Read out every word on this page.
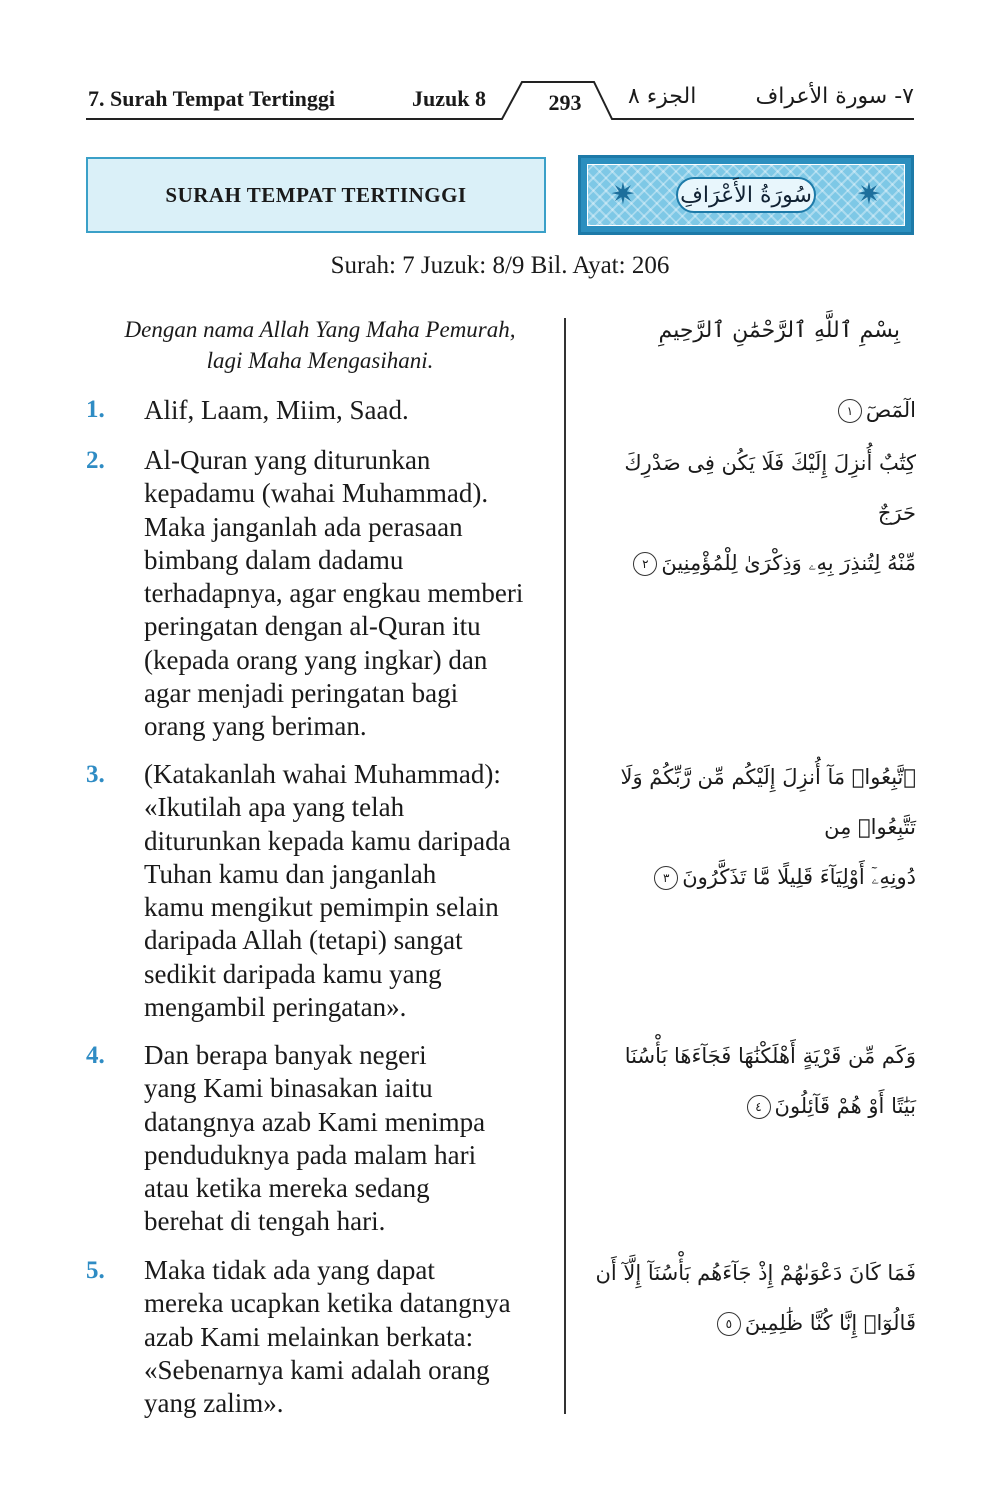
7. Surah Tempat Tertinggi	Juzuk 8	293	الجزء ٨	٧- سورة الأعراف
SURAH TEMPAT TERTINGGI	✷	✷
سُورَةُ الأَعْرَافِ
Surah: 7 Juzuk: 8/9 Bil. Ayat: 206
Dengan nama Allah Yang Maha Pemurah,
lagi Maha Mengasihani.
بِسْمِ ٱللَّهِ ٱلرَّحْمَٰنِ ٱلرَّحِيمِ
1. Alif, Laam, Miim, Saad.	الٓمٓصٓ١
2. Al-Quran yang diturunkan
kepadamu (wahai Muhammad).
Maka janganlah ada perasaan
bimbang dalam dadamu
terhadapnya, agar engkau memberi
peringatan dengan al-Quran itu
(kepada orang yang ingkar) dan
agar menjadi peringatan bagi
orang yang beriman.
كِتَٰبٌ أُنزِلَ إِلَيْكَ فَلَا يَكُن فِى صَدْرِكَ حَرَجٌ
مِّنْهُ لِتُنذِرَ بِهِۦ وَذِكْرَىٰ لِلْمُؤْمِنِينَ٢
3. (Katakanlah wahai Muhammad):
«Ikutilah apa yang telah
diturunkan kepada kamu daripada
Tuhan kamu dan janganlah
kamu mengikut pemimpin selain
daripada Allah (tetapi) sangat
sedikit daripada kamu yang
mengambil peringatan».
ٱتَّبِعُوا۟ مَآ أُنزِلَ إِلَيْكُم مِّن رَّبِّكُمْ وَلَا تَتَّبِعُوا۟ مِن
دُونِهِۦٓ أَوْلِيَآءَ قَلِيلًا مَّا تَذَكَّرُونَ٣
4. Dan berapa banyak negeri
yang Kami binasakan iaitu
datangnya azab Kami menimpa
penduduknya pada malam hari
atau ketika mereka sedang
berehat di tengah hari.
وَكَم مِّن قَرْيَةٍ أَهْلَكْنَٰهَا فَجَآءَهَا بَأْسُنَا
بَيَٰتًا أَوْ هُمْ قَآئِلُونَ٤
5. Maka tidak ada yang dapat
mereka ucapkan ketika datangnya
azab Kami melainkan berkata:
«Sebenarnya kami adalah orang
yang zalim».
فَمَا كَانَ دَعْوَىٰهُمْ إِذْ جَآءَهُم بَأْسُنَآ إِلَّآ أَن
قَالُوٓا۟ إِنَّا كُنَّا ظَٰلِمِينَ٥
